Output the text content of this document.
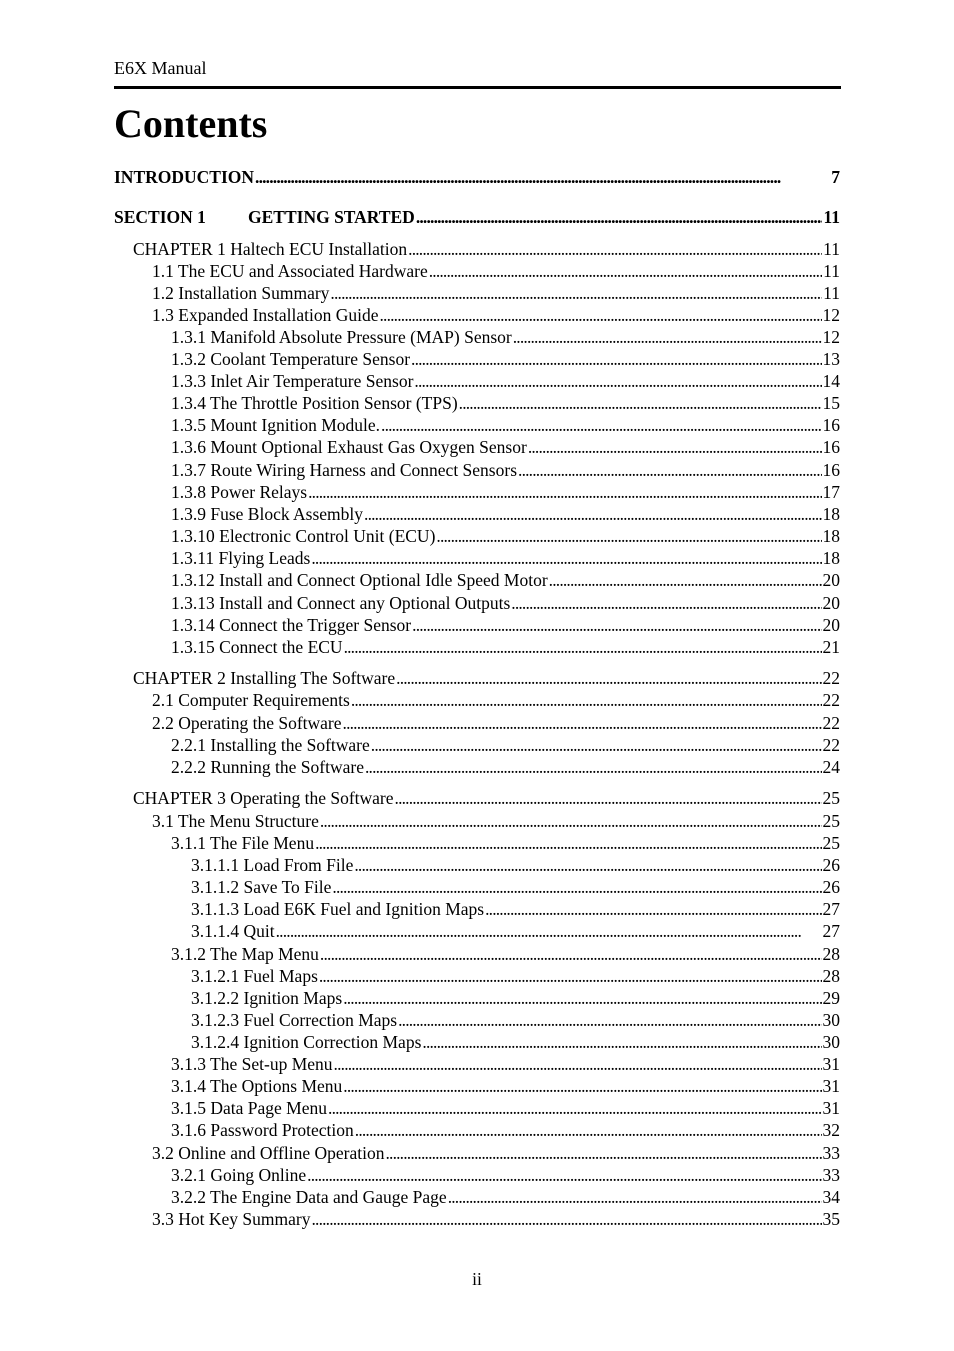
E6X Manual
Contents
INTRODUCTION . . .	7
SECTION 1 GETTING STARTED . . .	11
CHAPTER 1 Haltech ECU Installation . . .	11
1.1 The ECU and Associated Hardware . . .	11
1.2 Installation Summary . . .	11
1.3 Expanded Installation Guide . . .	12
1.3.1 Manifold Absolute Pressure (MAP) Sensor . . .	12
1.3.2 Coolant Temperature Sensor . . .	13
1.3.3 Inlet Air Temperature Sensor . . .	14
1.3.4 The Throttle Position Sensor (TPS) . . .	15
1.3.5 Mount Ignition Module. . . .	16
1.3.6 Mount Optional Exhaust Gas Oxygen Sensor . . .	16
1.3.7 Route Wiring Harness and Connect Sensors . . .	16
1.3.8 Power Relays . . .	17
1.3.9 Fuse Block Assembly . . .	18
1.3.10 Electronic Control Unit (ECU) . . .	18
1.3.11 Flying Leads . . .	18
1.3.12 Install and Connect Optional Idle Speed Motor . . .	20
1.3.13 Install and Connect any Optional Outputs . . .	20
1.3.14 Connect the Trigger Sensor . . .	20
1.3.15 Connect the ECU . . .	21
CHAPTER 2 Installing The Software . . .	22
2.1 Computer Requirements . . .	22
2.2 Operating the Software . . .	22
2.2.1 Installing the Software . . .	22
2.2.2 Running the Software . . .	24
CHAPTER 3 Operating the Software . . .	25
3.1 The Menu Structure . . .	25
3.1.1 The File Menu . . .	25
3.1.1.1 Load From File . . .	26
3.1.1.2 Save To File . . .	26
3.1.1.3 Load E6K Fuel and Ignition Maps . . .	27
3.1.1.4 Quit . . .	27
3.1.2 The Map Menu . . .	28
3.1.2.1 Fuel Maps . . .	28
3.1.2.2 Ignition Maps . . .	29
3.1.2.3 Fuel Correction Maps . . .	30
3.1.2.4 Ignition Correction Maps . . .	30
3.1.3 The Set-up Menu . . .	31
3.1.4 The Options Menu . . .	31
3.1.5 Data Page Menu . . .	31
3.1.6 Password Protection . . .	32
3.2 Online and Offline Operation . . .	33
3.2.1 Going Online . . .	33
3.2.2 The Engine Data and Gauge Page . . .	34
3.3 Hot Key Summary . . .	35
ii
